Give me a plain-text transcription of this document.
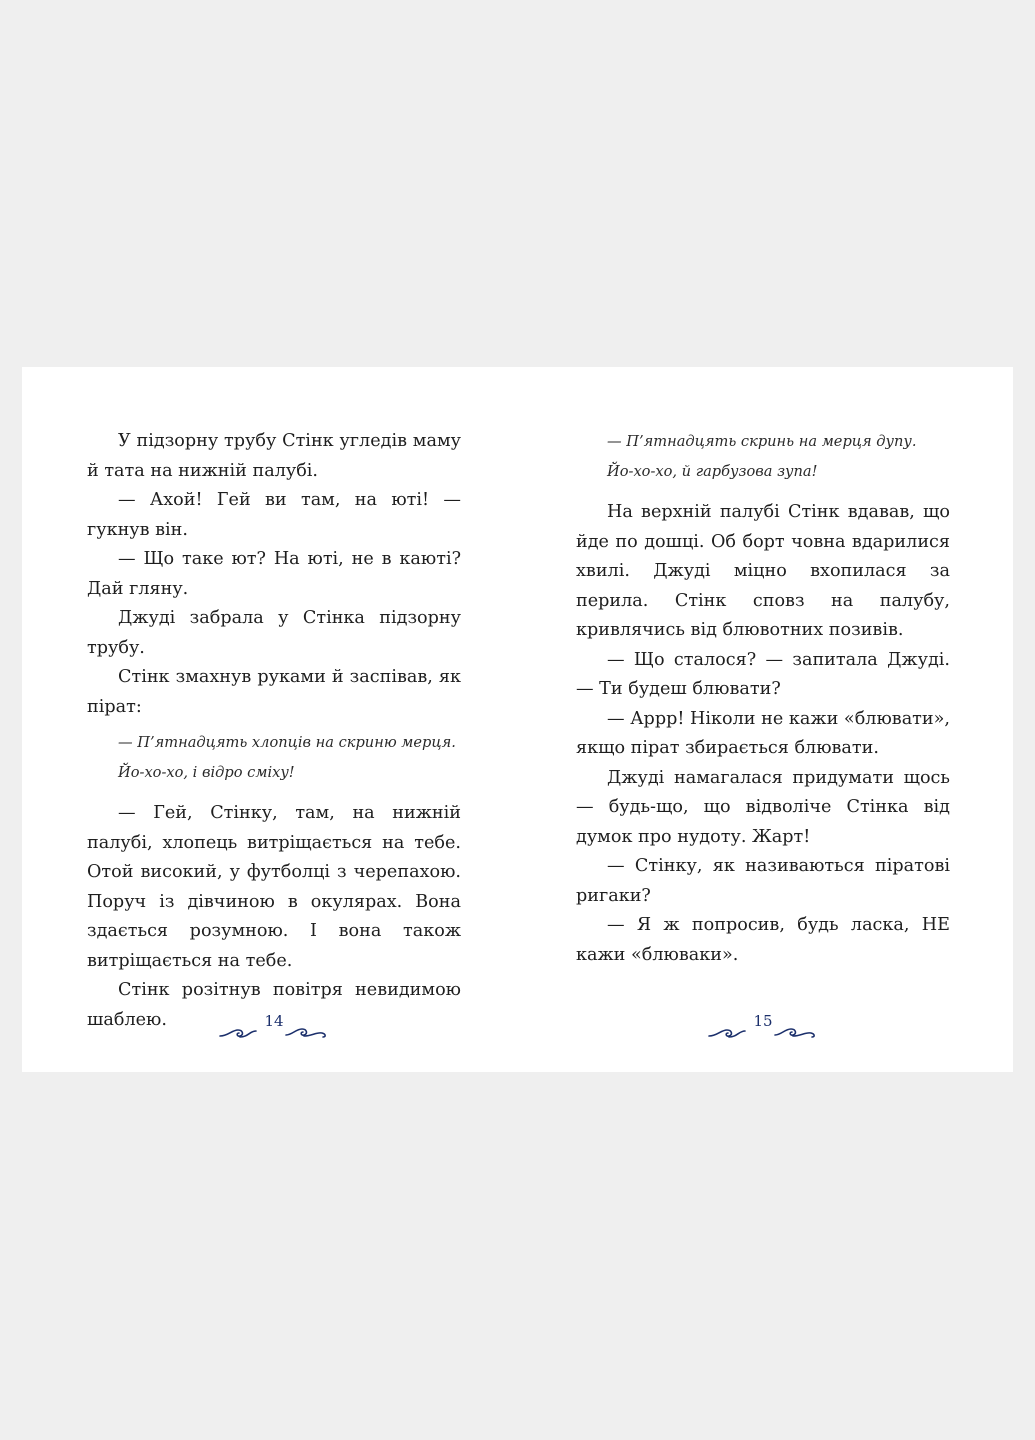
У підзорну трубу Стінк угледів маму й тата на нижній палубі.

— Ахой! Гей ви там, на юті! — гукнув він.

— Що таке ют? На юті, не в каюті? Дай гляну.

Джуді забрала у Стінка підзорну трубу.

Стінк змахнув руками й заспівав, як пірат:

— П’ятнадцять хлопців на скриню мерця.
Йо-хо-хо, і відро сміху!

— Гей, Стінку, там, на нижній палубі, хлопець витріщається на тебе. Отой високий, у футболці з черепахою. Поруч із дівчиною в окулярах. Вона здається розумною. І вона також витріщається на тебе.

Стінк розітнув повітря невидимою шаблею.	14
— П’ятнадцять скринь на мерця дупу.
Йо-хо-хо, й гарбузова зупа!

На верхній палубі Стінк вдавав, що йде по дошці. Об борт човна вдарилися хвилі. Джуді міцно вхопилася за перила. Стінк сповз на палубу, кривлячись від блювотних позивів.

— Що сталося? — запитала Джуді. — Ти будеш блювати?

— Аррр! Ніколи не кажи «блювати», якщо пірат збирається блювати.

Джуді намагалася придумати щось — будь-що, що відволіче Стінка від думок про нудоту. Жарт!

— Стінку, як називаються піратові ригаки?

— Я ж попросив, будь ласка, НЕ кажи «блюваки».

15
